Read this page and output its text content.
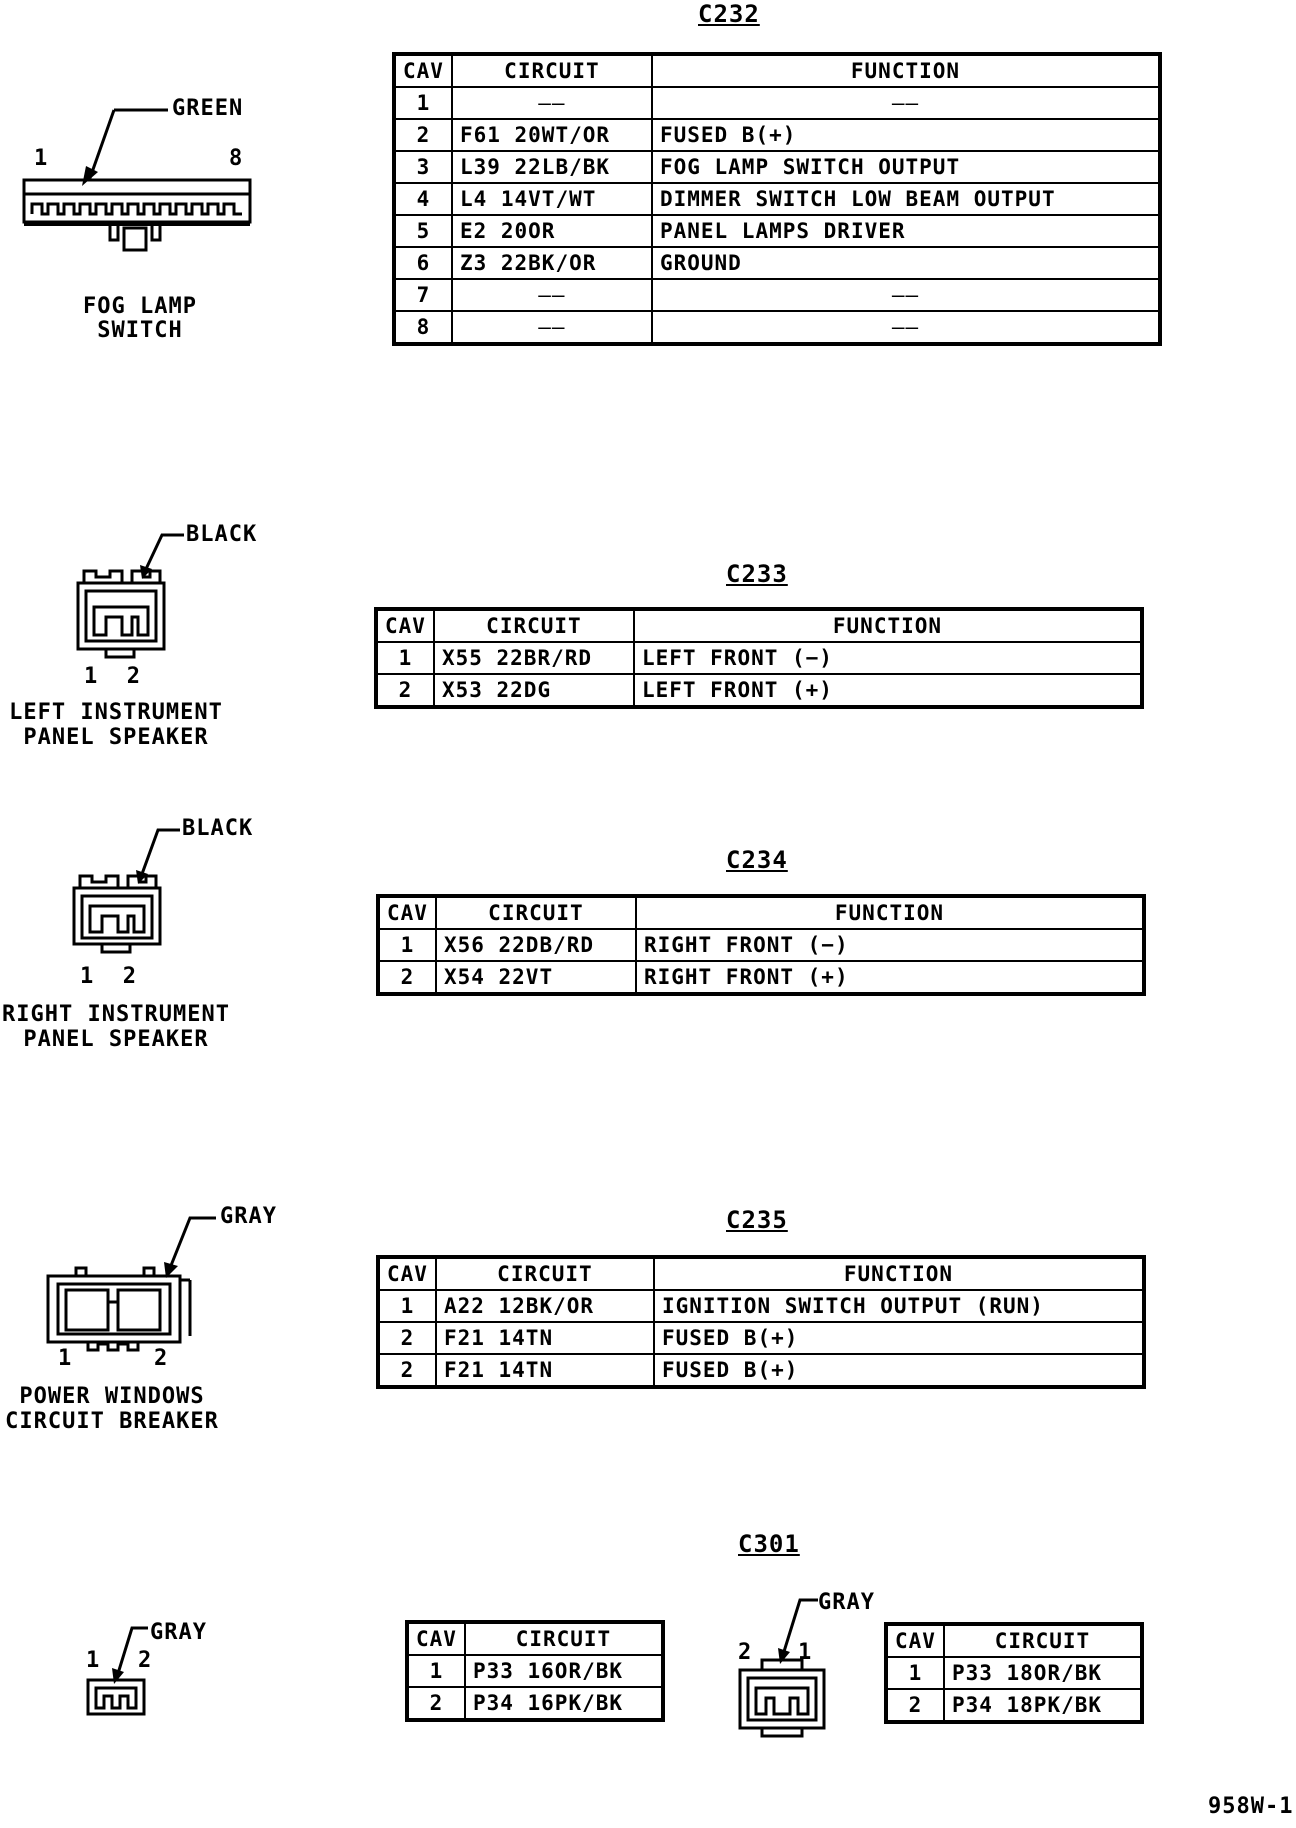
C232
GREEN
1	8
FOG LAMP
SWITCH
CAV	CIRCUIT	FUNCTION
1	——	——
2	F61 20WT/OR	FUSED B(+)
3	L39 22LB/BK	FOG LAMP SWITCH OUTPUT
4	L4 14VT/WT	DIMMER SWITCH LOW BEAM OUTPUT
5	E2 20OR	PANEL LAMPS DRIVER
6	Z3 22BK/OR	GROUND
7	——	——
8	——	——
BLACK
1  2
LEFT INSTRUMENT
PANEL SPEAKER
C233
CAV	CIRCUIT	FUNCTION
1	X55 22BR/RD	LEFT FRONT (−)
2	X53 22DG	LEFT FRONT (+)
BLACK
1  2
RIGHT INSTRUMENT
PANEL SPEAKER
C234
CAV	CIRCUIT	FUNCTION
1	X56 22DB/RD	RIGHT FRONT (−)
2	X54 22VT	RIGHT FRONT (+)
GRAY
1	2
POWER WINDOWS
CIRCUIT BREAKER
C235
CAV	CIRCUIT	FUNCTION
1	A22 12BK/OR	IGNITION SWITCH OUTPUT (RUN)
2	F21 14TN	FUSED B(+)
2	F21 14TN	FUSED B(+)
C301
GRAY
1 2
CAV	CIRCUIT
1	P33 16OR/BK
2	P34 16PK/BK
GRAY
2 1	CAV	CIRCUIT
1	P33 18OR/BK
2	P34 18PK/BK
958W-1
